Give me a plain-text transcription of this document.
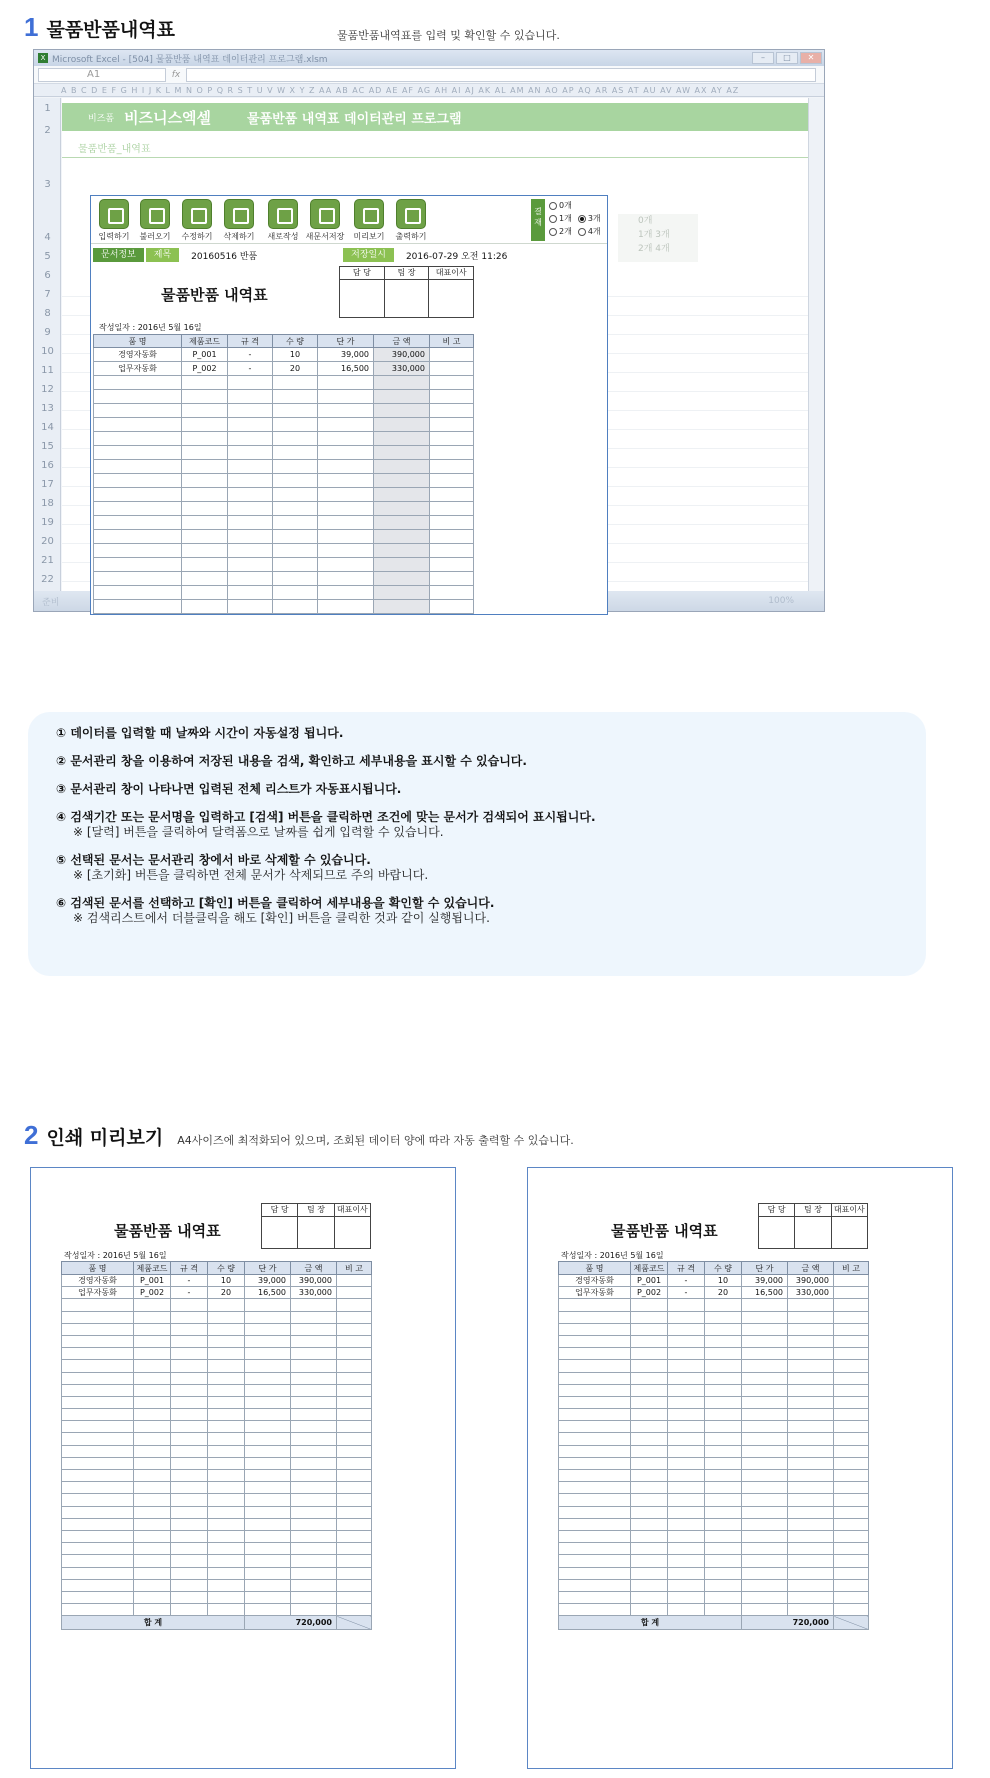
1 물품반품내역표	물품반품내역표를 입력 및 확인할 수 있습니다.
X Microsoft Excel - [504] 물품반품 내역표 데이터관리 프로그램.xlsm	–	□	✕
A1	fx
A B C D E F G H I J K L M N O P Q R S T U V W X Y Z AA AB AC AD AE AF AG AH AI AJ AK AL AM AN AO AP AQ AR AS AT AU AV AW AX AY AZ
1
2
3
4
5
6
7
8
9
10
11
12
13
14
15
16
17
18
19
20
21
22
비즈폼 비즈니스엑셀	물품반품 내역표 데이터관리 프로그램
물품반품_내역표
0개
1개 3개
2개 4개
준비	100%
결재
0개
1개 3개
2개 4개
입력하기	불러오기	수정하기	삭제하기	새로작성 새문서저장	미리보기	출력하기
문서정보	제목	20160516 반품	저장일시	2016-07-29 오전 11:26
물품반품 내역표
담 당	팀 장	대표이사
작성일자 : 2016년 5월 16일
품 명	제품코드	규 격	수 량	단 가	금 액	비 고
경영자동화	P_001	-	10	39,000	390,000	
업무자동화	P_002	-	20	16,500	330,000	

① 데이터를 입력할 때 날짜와 시간이 자동설정 됩니다.
② 문서관리 창을 이용하여 저장된 내용을 검색, 확인하고 세부내용을 표시할 수 있습니다.
③ 문서관리 창이 나타나면 입력된 전체 리스트가 자동표시됩니다.
④ 검색기간 또는 문서명을 입력하고 [검색] 버튼을 클릭하면 조건에 맞는 문서가 검색되어 표시됩니다.
※ [달력] 버튼을 클릭하여 달력폼으로 날짜를 쉽게 입력할 수 있습니다.
⑤ 선택된 문서는 문서관리 창에서 바로 삭제할 수 있습니다.
※ [초기화] 버튼을 클릭하면 전체 문서가 삭제되므로 주의 바랍니다.
⑥ 검색된 문서를 선택하고 [확인] 버튼을 클릭하여 세부내용을 확인할 수 있습니다.
※ 검색리스트에서 더블클릭을 해도 [확인] 버튼을 클릭한 것과 같이 실행됩니다.
2 인쇄 미리보기 A4사이즈에 최적화되어 있으며, 조회된 데이터 양에 따라 자동 출력할 수 있습니다.
물품반품 내역표
담 당	팀 장	대표이사
작성일자 : 2016년 5월 16일
품 명	제품코드	규 격	수 량	단 가	금 액	비 고
경영자동화	P_001	-	10	39,000	390,000	
업무자동화	P_002	-	20	16,500	330,000	

합 계				720,000		
물품반품 내역표
담 당	팀 장	대표이사
작성일자 : 2016년 5월 16일
품 명	제품코드	규 격	수 량	단 가	금 액	비 고
경영자동화	P_001	-	10	39,000	390,000	
업무자동화	P_002	-	20	16,500	330,000	

합 계				720,000		
